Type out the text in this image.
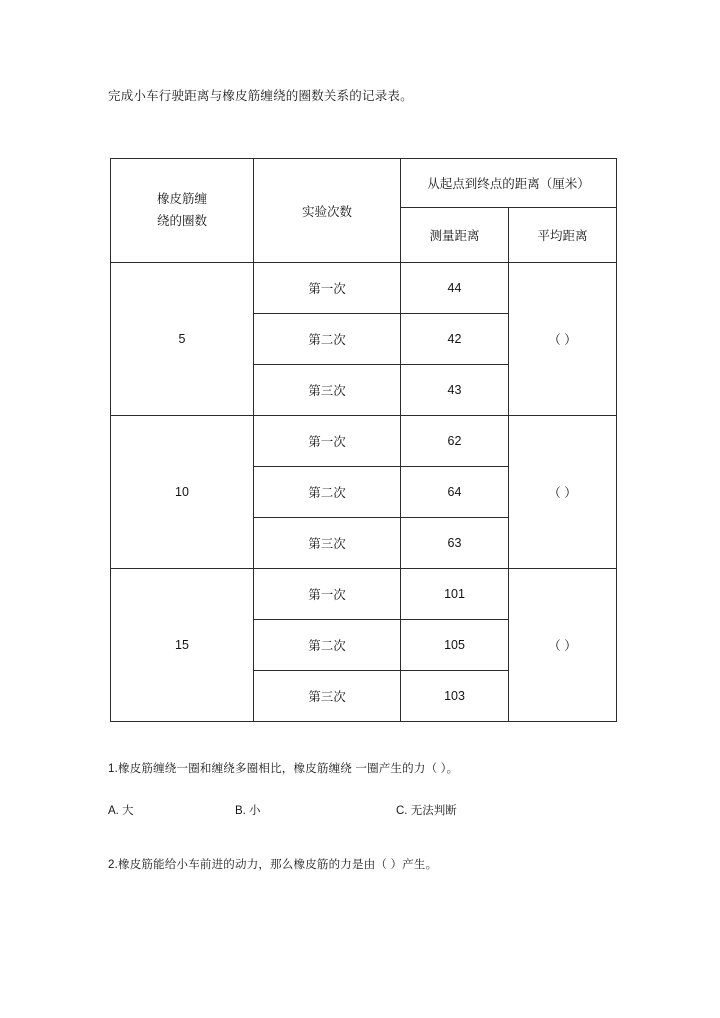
完成小车行驶距离与橡皮筋缠绕的圈数关系的记录表。

橡皮筋缠
绕的圈数	实验次数	从起点到终点的距离（厘米）	
		测量距离	平均距离
5	第一次	44	（ ）
	第二次	42	
	第三次	43	
10	第一次	62	（ ）
	第二次	64	
	第三次	63	
15	第一次	101	（ ）
	第二次	105	
	第三次	103	

1.橡皮筋缠绕一圈和缠绕多圈相比，橡皮筋缠绕 一圈产生的力（ ）。

A. 大	B. 小	C. 无法判断

2.橡皮筋能给小车前进的动力，那么橡皮筋的力是由（ ）产生。
